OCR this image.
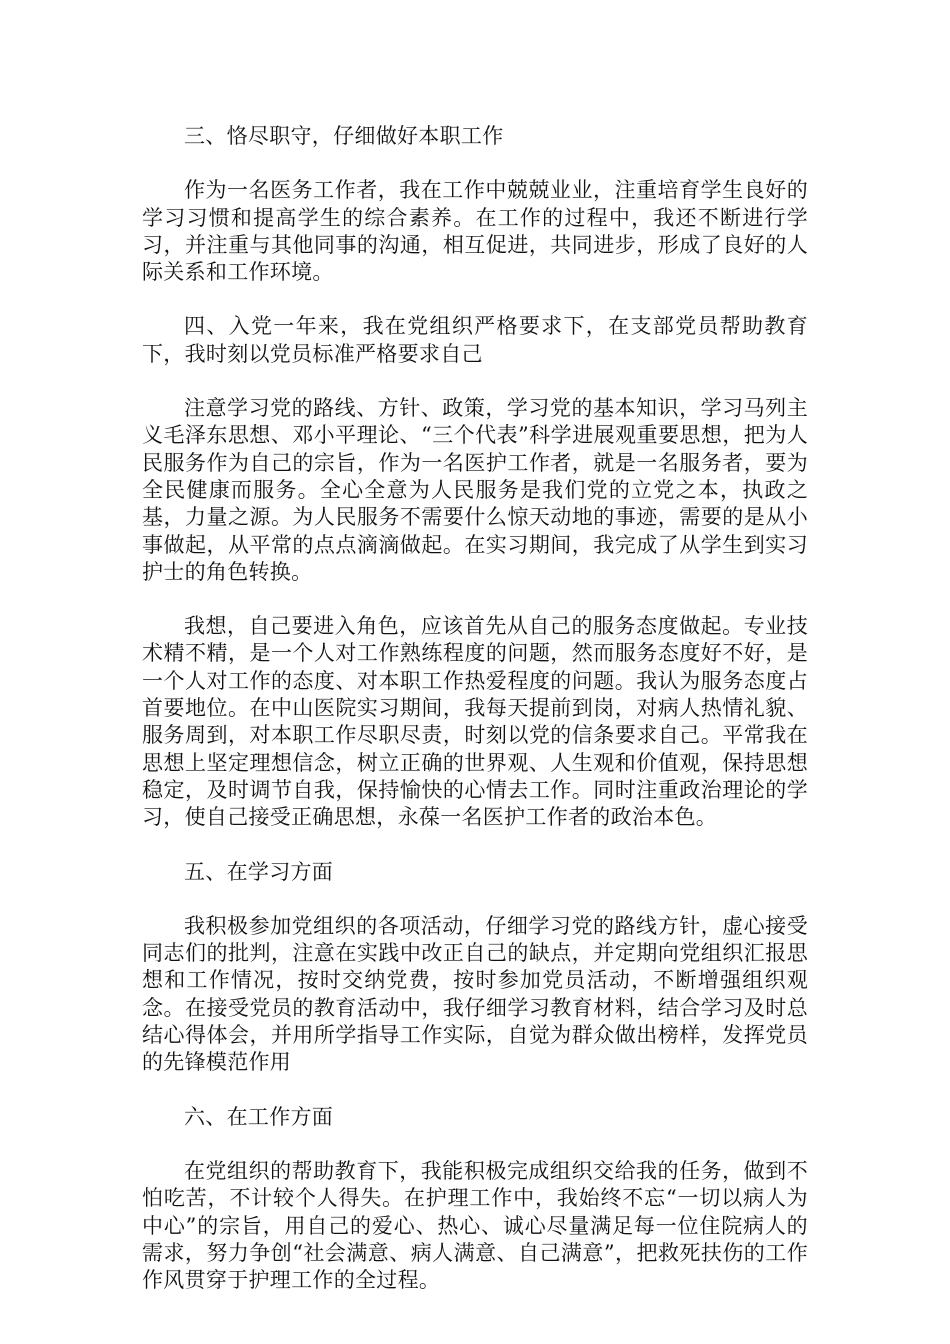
三、恪尽职守，仔细做好本职工作

作为一名医务工作者，我在工作中兢兢业业，注重培育学生良好的学习习惯和提高学生的综合素养。在工作的过程中，我还不断进行学习，并注重与其他同事的沟通，相互促进，共同进步，形成了良好的人际关系和工作环境。

四、入党一年来，我在党组织严格要求下，在支部党员帮助教育下，我时刻以党员标准严格要求自己

注意学习党的路线、方针、政策，学习党的基本知识，学习马列主义毛泽东思想、邓小平理论、“三个代表”科学进展观重要思想，把为人民服务作为自己的宗旨，作为一名医护工作者，就是一名服务者，要为全民健康而服务。全心全意为人民服务是我们党的立党之本，执政之基，力量之源。为人民服务不需要什么惊天动地的事迹，需要的是从小事做起，从平常的点点滴滴做起。在实习期间，我完成了从学生到实习护士的角色转换。

我想，自己要进入角色，应该首先从自己的服务态度做起。专业技术精不精，是一个人对工作熟练程度的问题，然而服务态度好不好，是一个人对工作的态度、对本职工作热爱程度的问题。我认为服务态度占首要地位。在中山医院实习期间，我每天提前到岗，对病人热情礼貌、服务周到，对本职工作尽职尽责，时刻以党的信条要求自己。平常我在思想上坚定理想信念，树立正确的世界观、人生观和价值观，保持思想稳定，及时调节自我，保持愉快的心情去工作。同时注重政治理论的学习，使自己接受正确思想，永葆一名医护工作者的政治本色。

五、在学习方面

我积极参加党组织的各项活动，仔细学习党的路线方针，虚心接受同志们的批判，注意在实践中改正自己的缺点，并定期向党组织汇报思想和工作情况，按时交纳党费，按时参加党员活动，不断增强组织观念。在接受党员的教育活动中，我仔细学习教育材料，结合学习及时总结心得体会，并用所学指导工作实际，自觉为群众做出榜样，发挥党员的先锋模范作用

六、在工作方面

在党组织的帮助教育下，我能积极完成组织交给我的任务，做到不怕吃苦，不计较个人得失。在护理工作中，我始终不忘“一切以病人为中心”的宗旨，用自己的爱心、热心、诚心尽量满足每一位住院病人的需求，努力争创“社会满意、病人满意、自己满意”，把救死扶伤的工作作风贯穿于护理工作的全过程。
